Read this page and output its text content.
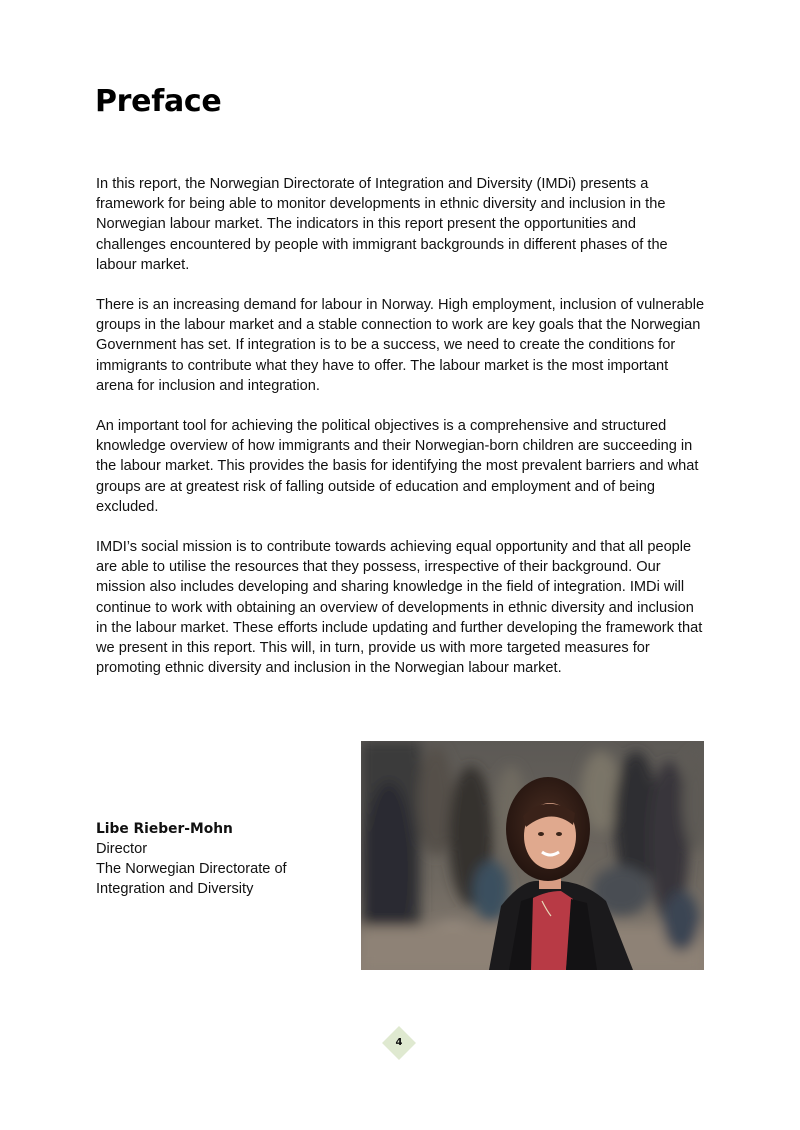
Preface

In this report, the Norwegian Directorate of Integration and Diversity (IMDi) presents a framework for being able to monitor developments in ethnic diversity and inclusion in the Norwegian labour market. The indicators in this report present the opportunities and challenges encountered by people with immigrant backgrounds in different phases of the labour market.

There is an increasing demand for labour in Norway. High employment, inclusion of vulnerable groups in the labour market and a stable connection to work are key goals that the Norwegian Government has set. If integration is to be a success, we need to create the conditions for immigrants to contribute what they have to offer. The labour market is the most important arena for inclusion and integration.

An important tool for achieving the political objectives is a comprehensive and structured knowledge overview of how immigrants and their Norwegian-born children are succeeding in the labour market. This provides the basis for identifying the most prevalent barriers and what groups are at greatest risk of falling outside of education and employment and of being excluded.

IMDI’s social mission is to contribute towards achieving equal opportunity and that all people are able to utilise the resources that they possess, irrespective of their background. Our mission also includes developing and sharing knowledge in the field of integration. IMDi will continue to work with obtaining an overview of developments in ethnic diversity and inclusion in the labour market. These efforts include updating and further developing the framework that we present in this report. This will, in turn, provide us with more targeted measures for promoting ethnic diversity and inclusion in the Norwegian labour market.

Libe Rieber-Mohn
Director
The Norwegian Directorate of
Integration and Diversity
4
